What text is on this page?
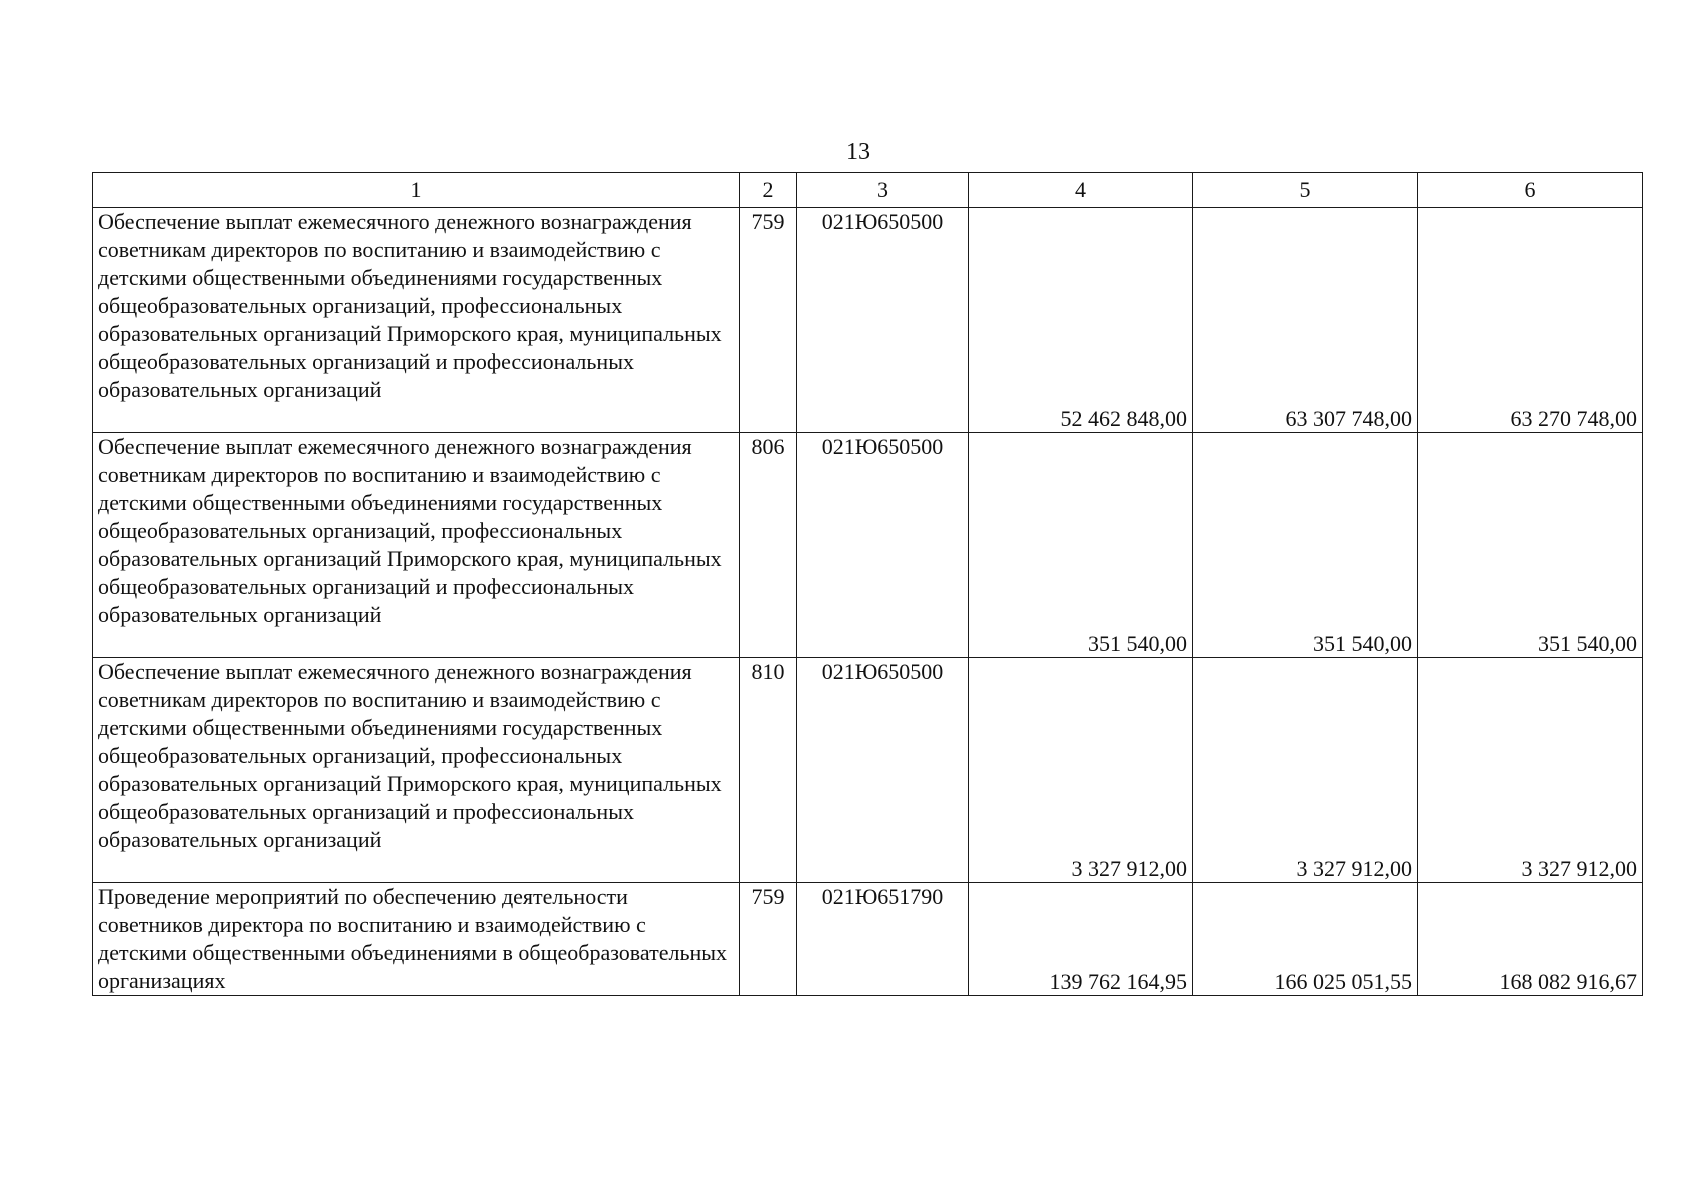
13
1	2	3	4	5	6
Обеспечение выплат ежемесячного денежного вознаграждения советникам директоров по воспитанию и взаимодействию с детскими общественными объединениями государственных общеобразовательных организаций, профессиональных образовательных организаций Приморского края, муниципальных общеобразовательных организаций и профессиональных образовательных организаций	759	021Ю650500	52 462 848,00	63 307 748,00	63 270 748,00
Обеспечение выплат ежемесячного денежного вознаграждения советникам директоров по воспитанию и взаимодействию с детскими общественными объединениями государственных общеобразовательных организаций, профессиональных образовательных организаций Приморского края, муниципальных общеобразовательных организаций и профессиональных образовательных организаций	806	021Ю650500	351 540,00	351 540,00	351 540,00
Обеспечение выплат ежемесячного денежного вознаграждения советникам директоров по воспитанию и взаимодействию с детскими общественными объединениями государственных общеобразовательных организаций, профессиональных образовательных организаций Приморского края, муниципальных общеобразовательных организаций и профессиональных образовательных организаций	810	021Ю650500	3 327 912,00	3 327 912,00	3 327 912,00
Проведение мероприятий по обеспечению деятельности советников директора по воспитанию и взаимодействию с детскими общественными объединениями в общеобразовательных организациях	759	021Ю651790	139 762 164,95	166 025 051,55	168 082 916,67
